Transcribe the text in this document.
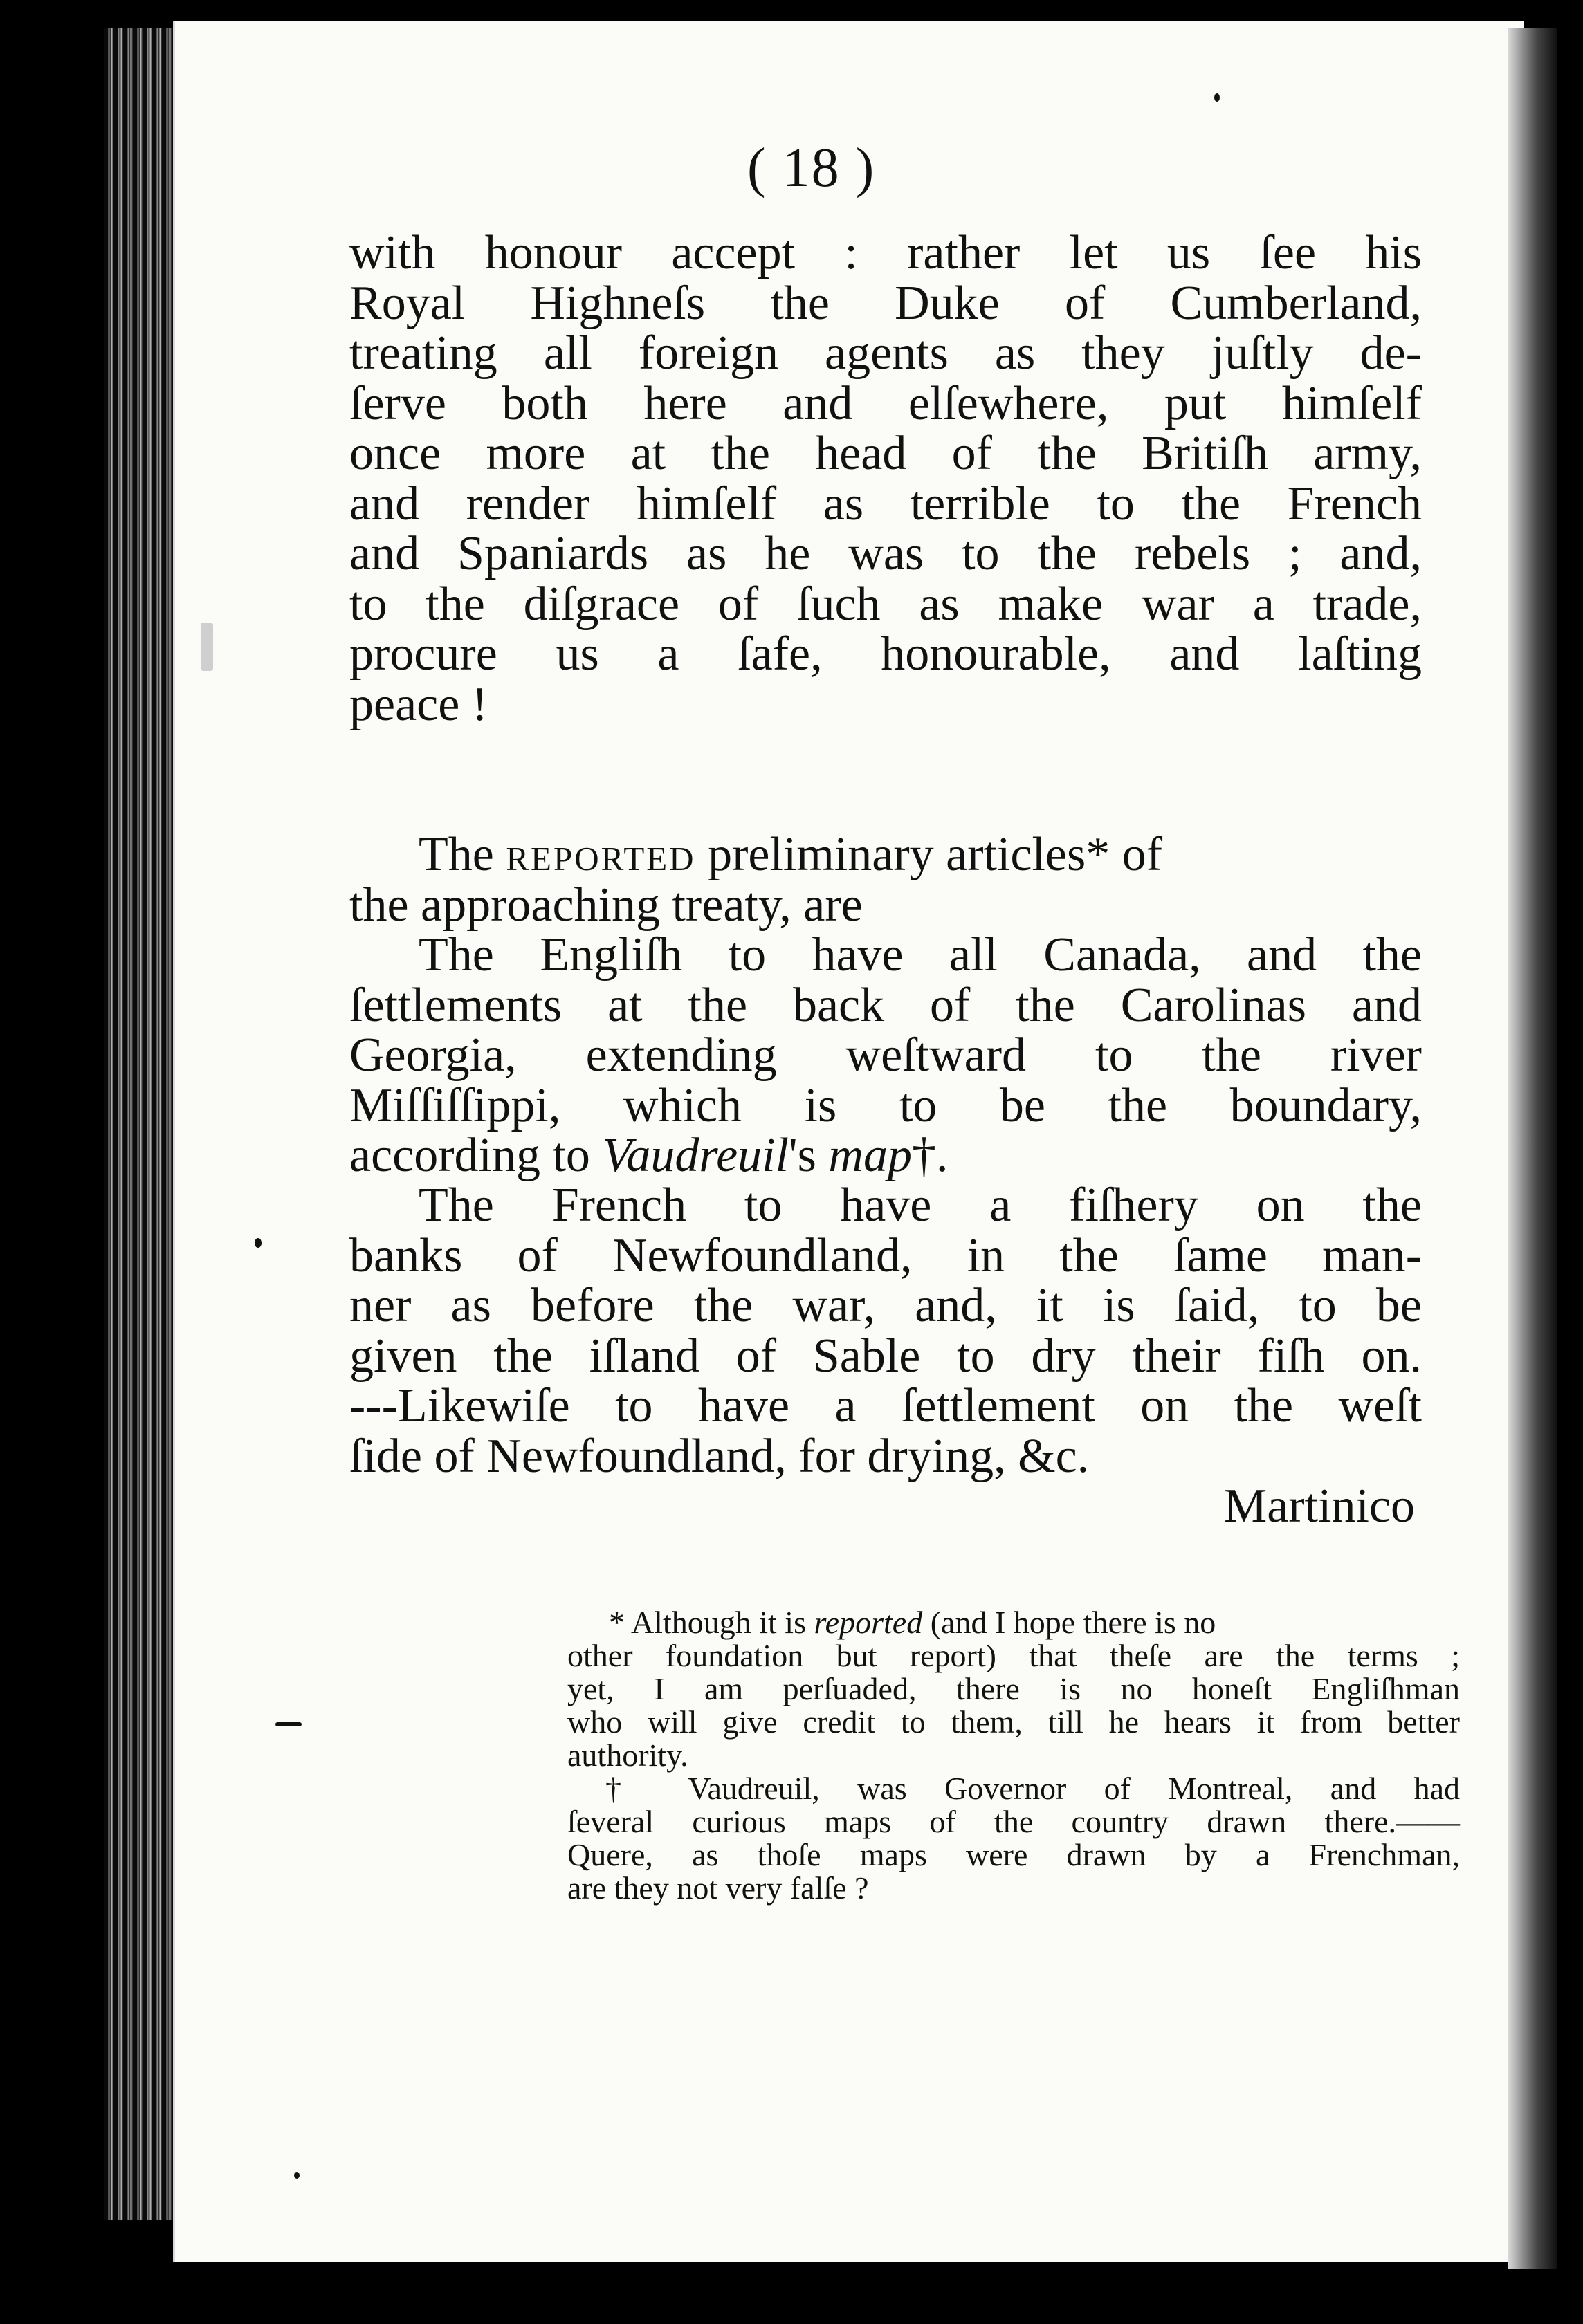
( 18 )
with honour accept : rather let us ſee his
Royal Highneſs the Duke of Cumberland,
treating all foreign agents as they juſtly de-
ſerve both here and elſewhere, put himſelf
once more at the head of the Britiſh army,
and render himſelf as terrible to the French
and Spaniards as he was to the rebels ; and,
to the diſgrace of ſuch as make war a trade,
procure us a ſafe, honourable, and laſting
peace !
The reported preliminary articles* of
the approaching treaty, are
The Engliſh to have all Canada, and the
ſettlements at the back of the Carolinas and
Georgia, extending weſtward to the river
Miſſiſſippi, which is to be the boundary,
according to Vaudreuil's map†.
The French to have a fiſhery on the
banks of Newfoundland, in the ſame man-
ner as before the war, and, it is ſaid, to be
given the iſland of Sable to dry their fiſh on.
---Likewiſe to have a ſettlement on the weſt
ſide of Newfoundland, for drying, &c.
Martinico
* Although it is reported (and I hope there is no
other foundation but report) that theſe are the terms ;
yet, I am perſuaded, there is no honeſt Engliſhman
who will give credit to them, till he hears it from better
authority.
† Vaudreuil, was Governor of Montreal, and had
ſeveral curious maps of the country drawn there.——
Quere, as thoſe maps were drawn by a Frenchman,
are they not very falſe ?
